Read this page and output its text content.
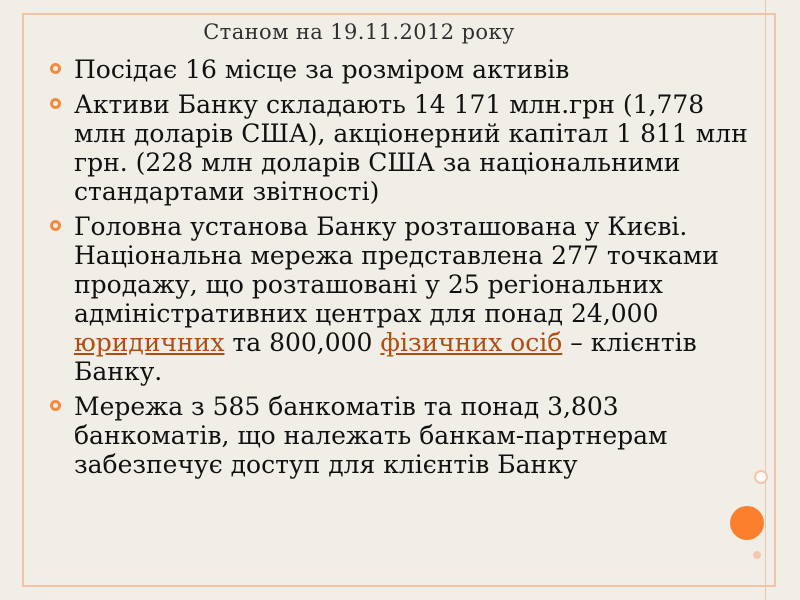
Станом на 19.11.2012 року
Посідає 16 місце за розміром активів
Активи Банку складають 14 171 млн.грн (1,778 млн доларів США), акціонерний капітал 1 811 млн грн. (228 млн доларів США за національними стандартами звітності)
Головна установа Банку розташована у Києві. Національна мережа представлена 277 точками продажу, що розташовані у 25 регіональних адміністративних центрах для понад 24,000 юридичних та 800,000 фізичних осіб – клієнтів Банку.
Мережа з 585 банкоматів та понад 3,803 банкоматів, що належать банкам-партнерам забезпечує доступ для клієнтів Банку
